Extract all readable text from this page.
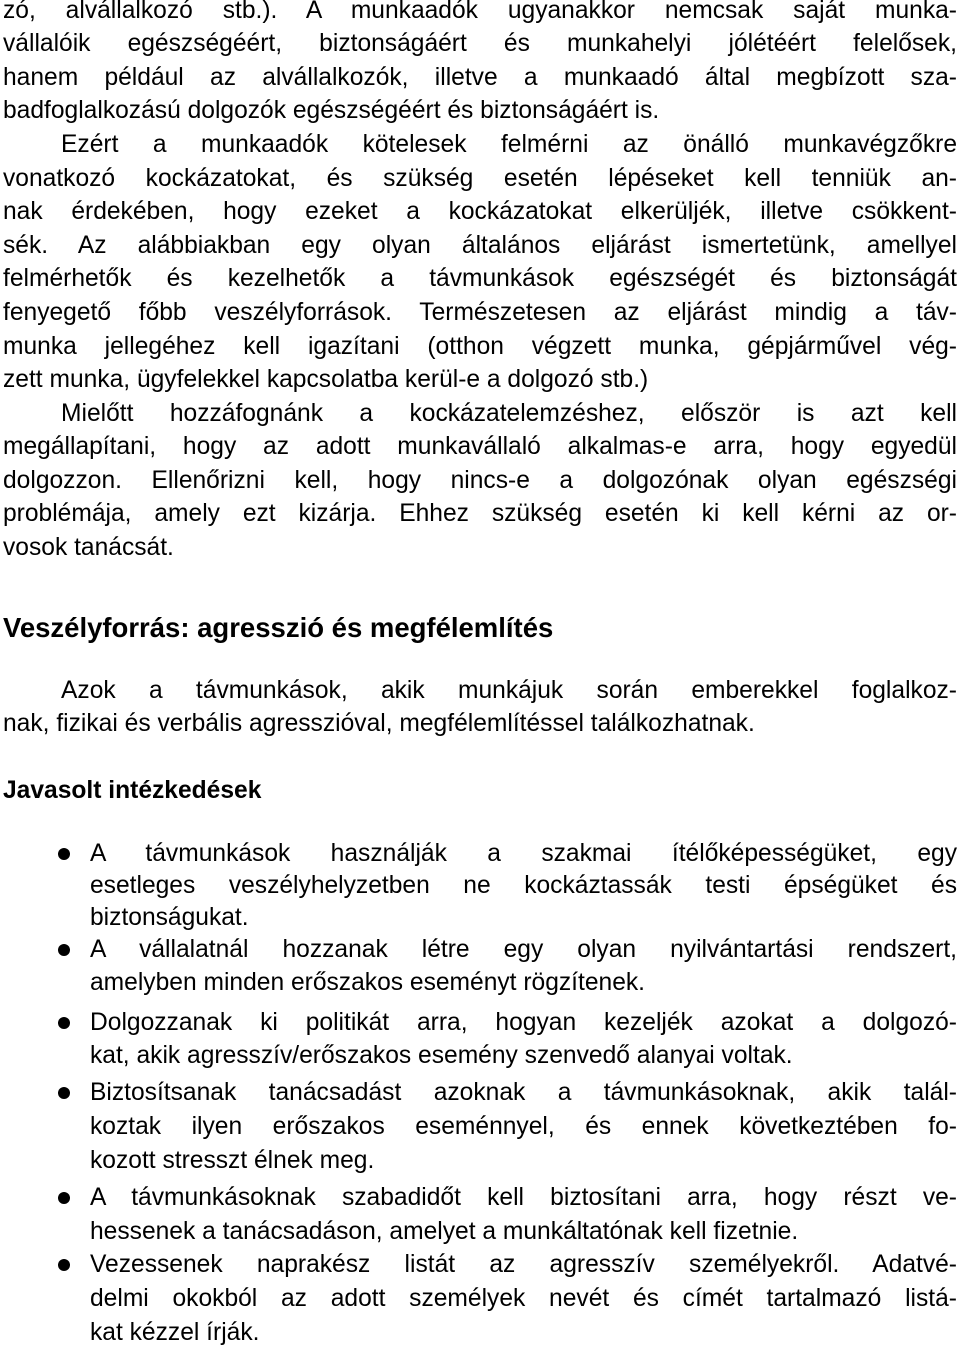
zó, alvállalkozó stb.). A munkaadók ugyanakkor nemcsak saját munka-
vállalóik egészségéért, biztonságáért és munkahelyi jólétéért felelősek,
hanem például az alvállalkozók, illetve a munkaadó által megbízott sza-
badfoglalkozású dolgozók egészségéért és biztonságáért is.
Ezért a munkaadók kötelesek felmérni az önálló munkavégzőkre
vonatkozó kockázatokat, és szükség esetén lépéseket kell tenniük an-
nak érdekében, hogy ezeket a kockázatokat elkerüljék, illetve csökkent-
sék. Az alábbiakban egy olyan általános eljárást ismertetünk, amellyel
felmérhetők és kezelhetők a távmunkások egészségét és biztonságát
fenyegető főbb veszélyforrások. Természetesen az eljárást mindig a táv-
munka jellegéhez kell igazítani (otthon végzett munka, gépjárművel vég-
zett munka, ügyfelekkel kapcsolatba kerül-e a dolgozó stb.)
Mielőtt hozzáfognánk a kockázatelemzéshez, először is azt kell
megállapítani, hogy az adott munkavállaló alkalmas-e arra, hogy egyedül
dolgozzon. Ellenőrizni kell, hogy nincs-e a dolgozónak olyan egészségi
problémája, amely ezt kizárja. Ehhez szükség esetén ki kell kérni az or-
vosok tanácsát.
Veszélyforrás: agresszió és megfélemlítés
Azok a távmunkások, akik munkájuk során emberekkel foglalkoz-
nak, fizikai és verbális agresszióval, megfélemlítéssel találkozhatnak.
Javasolt intézkedések
A távmunkások használják a szakmai ítélőképességüket, egy
esetleges veszélyhelyzetben ne kockáztassák testi épségüket és
biztonságukat.
A vállalatnál hozzanak létre egy olyan nyilvántartási rendszert,
amelyben minden erőszakos eseményt rögzítenek.
Dolgozzanak ki politikát arra, hogyan kezeljék azokat a dolgozó-
kat, akik agresszív/erőszakos esemény szenvedő alanyai voltak.
Biztosítsanak tanácsadást azoknak a távmunkásoknak, akik talál-
koztak ilyen erőszakos eseménnyel, és ennek következtében fo-
kozott stresszt élnek meg.
A távmunkásoknak szabadidőt kell biztosítani arra, hogy részt ve-
hessenek a tanácsadáson, amelyet a munkáltatónak kell fizetnie.
Vezessenek naprakész listát az agresszív személyekről. Adatvé-
delmi okokból az adott személyek nevét és címét tartalmazó listá-
kat kézzel írják.
